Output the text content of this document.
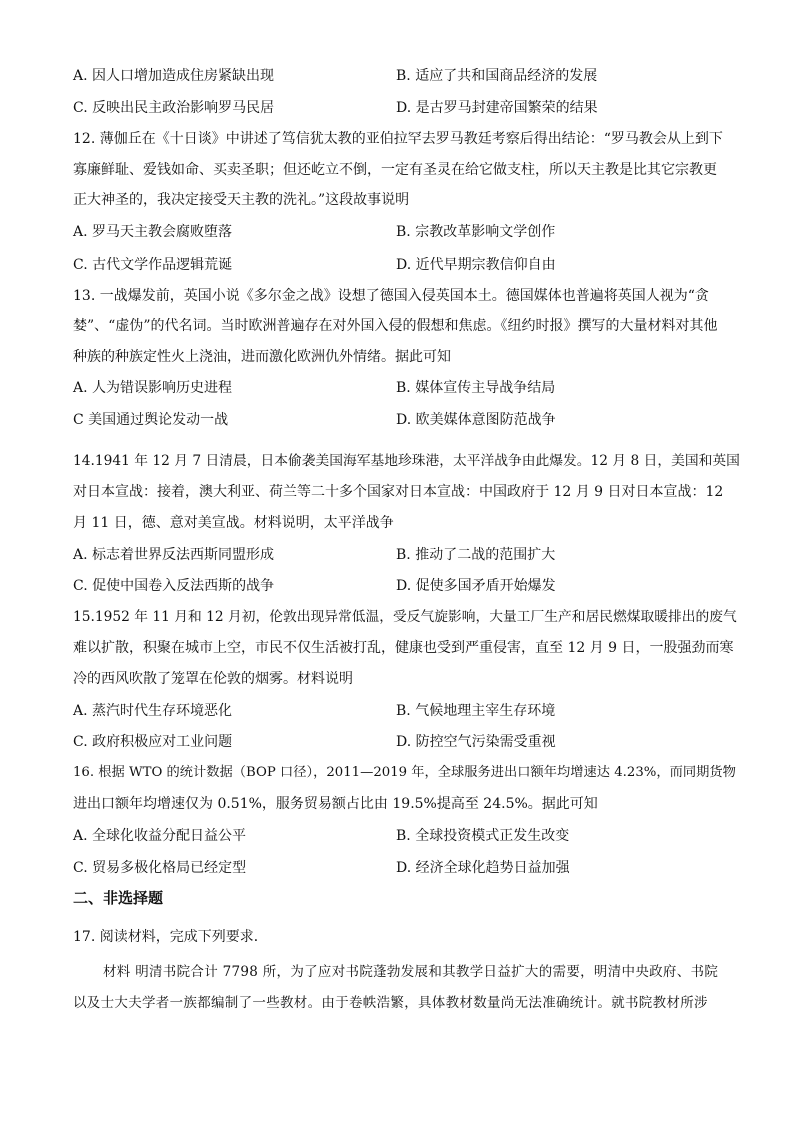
A. 因人口增加造成住房紧缺出现	B. 适应了共和国商品经济的发展
C. 反映出民主政治影响罗马民居	D. 是古罗马封建帝国繁荣的结果
12. 薄伽丘在《十日谈》中讲述了笃信犹太教的亚伯拉罕去罗马教廷考察后得出结论：“罗马教会从上到下
寡廉鲜耻、爱钱如命、买卖圣职；但还屹立不倒，一定有圣灵在给它做支柱，所以天主教是比其它宗教更
正大神圣的，我决定接受天主教的洗礼。”这段故事说明
A. 罗马天主教会腐败堕落	B. 宗教改革影响文学创作
C. 古代文学作品逻辑荒诞	D. 近代早期宗教信仰自由
13. 一战爆发前，英国小说《多尔金之战》设想了德国入侵英国本土。德国媒体也普遍将英国人视为“贪
婪”、“虚伪”的代名词。当时欧洲普遍存在对外国入侵的假想和焦虑。《纽约时报》撰写的大量材料对其他
种族的种族定性火上浇油，进而激化欧洲仇外情绪。据此可知
A. 人为错误影响历史进程	B. 媒体宣传主导战争结局
C 美国通过舆论发动一战	D. 欧美媒体意图防范战争
14.1941 年 12 月 7 日清晨，日本偷袭美国海军基地珍珠港，太平洋战争由此爆发。12 月 8 日，美国和英国
对日本宣战：接着，澳大利亚、荷兰等二十多个国家对日本宣战：中国政府于 12 月 9 日对日本宣战：12
月 11 日，德、意对美宣战。材料说明，太平洋战争
A. 标志着世界反法西斯同盟形成	B. 推动了二战的范围扩大
C. 促使中国卷入反法西斯的战争	D. 促使多国矛盾开始爆发
15.1952 年 11 月和 12 月初，伦敦出现异常低温，受反气旋影响，大量工厂生产和居民燃煤取暖排出的废气
难以扩散，积聚在城市上空，市民不仅生活被打乱，健康也受到严重侵害，直至 12 月 9 日，一股强劲而寒
冷的西风吹散了笼罩在伦敦的烟雾。材料说明
A. 蒸汽时代生存环境恶化	B. 气候地理主宰生存环境
C. 政府积极应对工业问题	D. 防控空气污染需受重视
16. 根据 WTO 的统计数据（BOP 口径），2011—2019 年，全球服务进出口额年均增速达 4.23%，而同期货物
进出口额年均增速仅为 0.51%，服务贸易额占比由 19.5%提高至 24.5%。据此可知
A. 全球化收益分配日益公平	B. 全球投资模式正发生改变
C. 贸易多极化格局已经定型	D. 经济全球化趋势日益加强
二、非选择题
17. 阅读材料，完成下列要求．
材料 明清书院合计 7798 所，为了应对书院蓬勃发展和其教学日益扩大的需要，明清中央政府、书院
以及士大夫学者一族都编制了一些教材。由于卷帙浩繁，具体教材数量尚无法准确统计。就书院教材所涉
